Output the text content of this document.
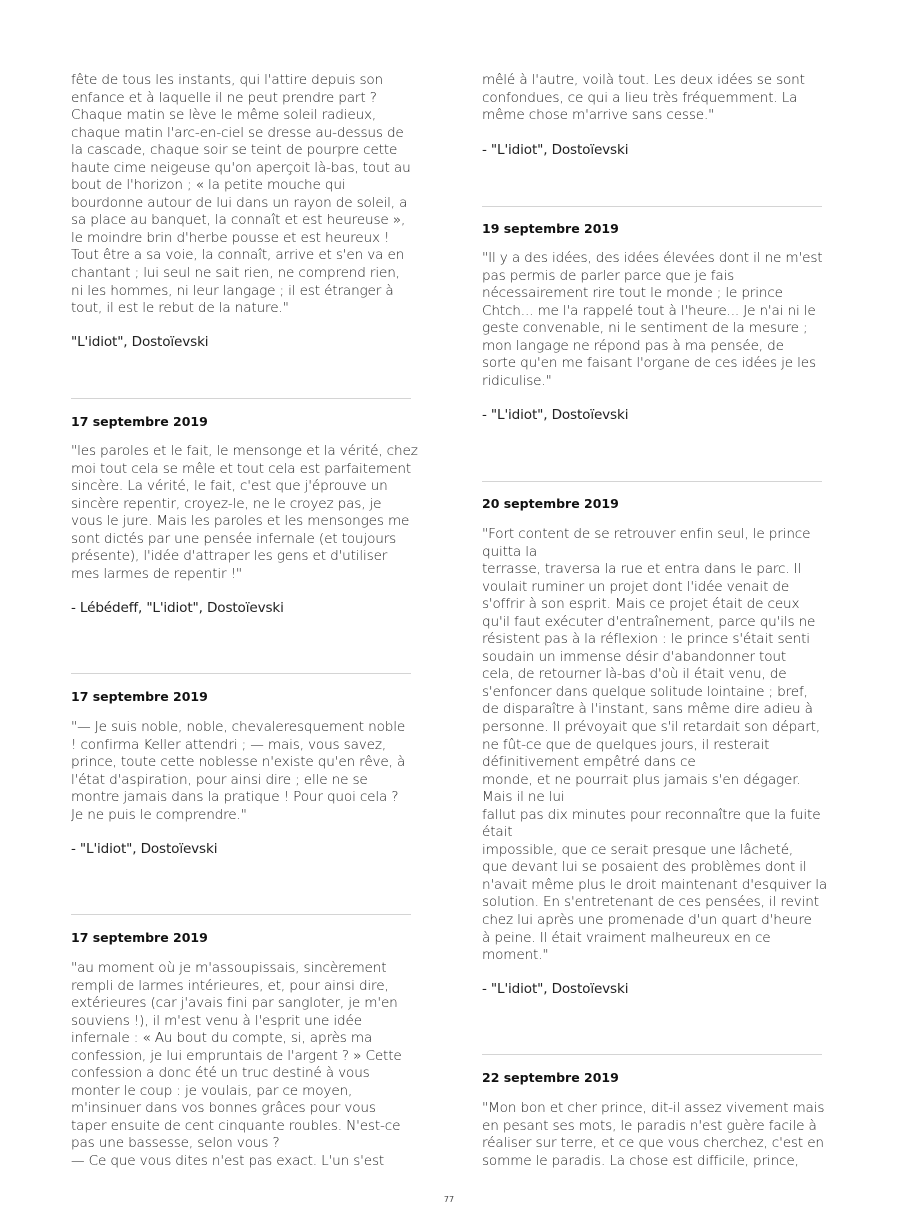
fête de tous les instants, qui l'attire depuis son
enfance et à laquelle il ne peut prendre part ?
Chaque matin se lève le même soleil radieux,
chaque matin l'arc-en-ciel se dresse au-dessus de
la cascade, chaque soir se teint de pourpre cette
haute cime neigeuse qu'on aperçoit là-bas, tout au
bout de l'horizon ; « la petite mouche qui
bourdonne autour de lui dans un rayon de soleil, a
sa place au banquet, la connaît et est heureuse »,
le moindre brin d'herbe pousse et est heureux !
Tout être a sa voie, la connaît, arrive et s'en va en
chantant ; lui seul ne sait rien, ne comprend rien,
ni les hommes, ni leur langage ; il est étranger à
tout, il est le rebut de la nature."

"L'idiot", Dostoïevski

17 septembre 2019

"les paroles et le fait, le mensonge et la vérité, chez
moi tout cela se mêle et tout cela est parfaitement
sincère. La vérité, le fait, c'est que j'éprouve un
sincère repentir, croyez-le, ne le croyez pas, je
vous le jure. Mais les paroles et les mensonges me
sont dictés par une pensée infernale (et toujours
présente), l'idée d'attraper les gens et d'utiliser
mes larmes de repentir !"

- Lébédeff, "L'idiot", Dostoïevski

17 septembre 2019

"— Je suis noble, noble, chevaleresquement noble
! confirma Keller attendri ; — mais, vous savez,
prince, toute cette noblesse n'existe qu'en rêve, à
l'état d'aspiration, pour ainsi dire ; elle ne se
montre jamais dans la pratique ! Pour quoi cela ?
Je ne puis le comprendre."

- "L'idiot", Dostoïevski

17 septembre 2019

"au moment où je m'assoupissais, sincèrement
rempli de larmes intérieures, et, pour ainsi dire,
extérieures (car j'avais fini par sangloter, je m'en
souviens !), il m'est venu à l'esprit une idée
infernale : « Au bout du compte, si, après ma
confession, je lui empruntais de l'argent ? » Cette
confession a donc été un truc destiné à vous
monter le coup : je voulais, par ce moyen,
m'insinuer dans vos bonnes grâces pour vous
taper ensuite de cent cinquante roubles. N'est-ce
pas une bassesse, selon vous ?
— Ce que vous dites n'est pas exact. L'un s'est

mêlé à l'autre, voilà tout. Les deux idées se sont
confondues, ce qui a lieu très fréquemment. La
même chose m'arrive sans cesse."

- "L'idiot", Dostoïevski

19 septembre 2019

"Il y a des idées, des idées élevées dont il ne m'est
pas permis de parler parce que je fais
nécessairement rire tout le monde ; le prince
Chtch... me l'a rappelé tout à l'heure... Je n'ai ni le
geste convenable, ni le sentiment de la mesure ;
mon langage ne répond pas à ma pensée, de
sorte qu'en me faisant l'organe de ces idées je les
ridiculise."

- "L'idiot", Dostoïevski

20 septembre 2019

"Fort content de se retrouver enfin seul, le prince
quitta la
terrasse, traversa la rue et entra dans le parc. Il
voulait ruminer un projet dont l'idée venait de
s'offrir à son esprit. Mais ce projet était de ceux
qu'il faut exécuter d'entraînement, parce qu'ils ne
résistent pas à la réflexion : le prince s'était senti
soudain un immense désir d'abandonner tout
cela, de retourner là-bas d'où il était venu, de
s'enfoncer dans quelque solitude lointaine ; bref,
de disparaître à l'instant, sans même dire adieu à
personne. Il prévoyait que s'il retardait son départ,
ne fût-ce que de quelques jours, il resterait
définitivement empêtré dans ce
monde, et ne pourrait plus jamais s'en dégager.
Mais il ne lui
fallut pas dix minutes pour reconnaître que la fuite
était
impossible, que ce serait presque une lâcheté,
que devant lui se posaient des problèmes dont il
n'avait même plus le droit maintenant d'esquiver la
solution. En s'entretenant de ces pensées, il revint
chez lui après une promenade d'un quart d'heure
à peine. Il était vraiment malheureux en ce
moment."

- "L'idiot", Dostoïevski

22 septembre 2019

"Mon bon et cher prince, dit-il assez vivement mais
en pesant ses mots, le paradis n'est guère facile à
réaliser sur terre, et ce que vous cherchez, c'est en
somme le paradis. La chose est difficile, prince,

77
